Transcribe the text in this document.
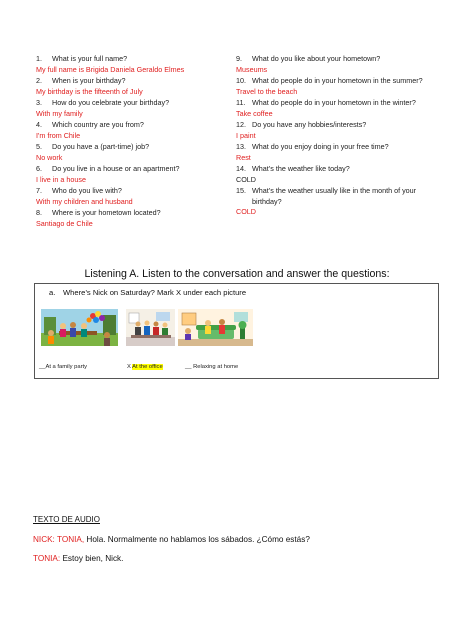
1.	What is your full name?
My full name is Brigida Daniela Geraldo Elmes
2.	When is your birthday?
My birthday is the fifteenth of July
3.	How do you celebrate your birthday?
With my family
4.	Which country are you from?
I'm from Chile
5.	Do you have a (part-time) job?
No work
6.	Do you live in a house or an apartment?
I live in a house
7.	Who do you live with?
With my children and husband
8.	Where is your hometown located?
Santiago de Chile
9.	What do you like about your hometown?
Museums
10. What do people do in your hometown in the summer?
Travel to the beach
11. What do people do in your hometown in the winter?
Take coffee
12. Do you have any hobbies/interests?
I paint
13. What do you enjoy doing in your free time?
Rest
14. What’s the weather like today?
COLD
15. What’s the weather usually like in the month of your birthday?
COLD
Listening A. Listen to the conversation and answer the questions:
a. Where’s Nick on Saturday? Mark X under each picture
__At a family party	X At the office	__ Relaxing at home
TEXTO DE AUDIO
NICK: TONIA, Hola. Normalmente no hablamos los sábados. ¿Cómo estás?
TONIA: Estoy bien, Nick.
